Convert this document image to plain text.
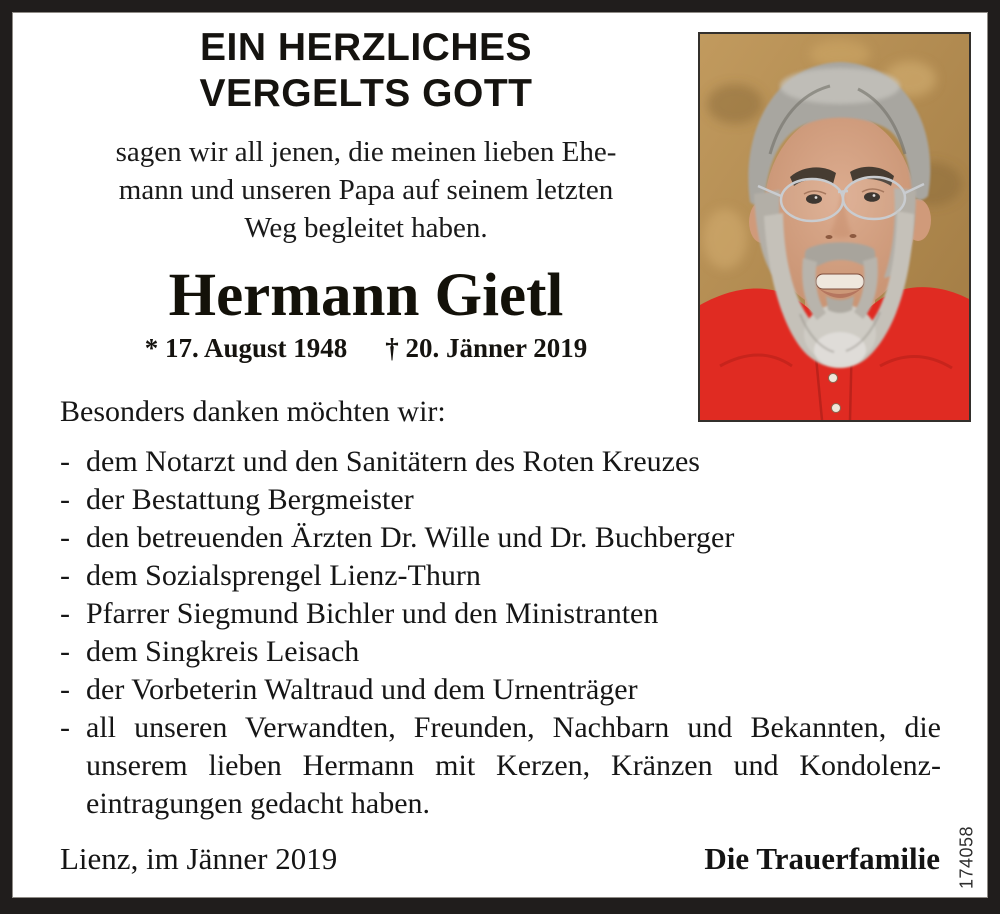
EIN HERZLICHES
VERGELTS GOTT
sagen wir all jenen, die meinen lieben Ehe-
mann und unseren Papa auf seinem letzten
Weg begleitet haben.
Hermann Gietl
* 17. August 1948 † 20. Jänner 2019
Besonders danken möchten wir:
- dem Notarzt und den Sanitätern des Roten Kreuzes
- der Bestattung Bergmeister
- den betreuenden Ärzten Dr. Wille und Dr. Buchberger
- dem Sozialsprengel Lienz-Thurn
- Pfarrer Siegmund Bichler und den Ministranten
- dem Singkreis Leisach
- der Vorbeterin Waltraud und dem Urnenträger
- all unseren Verwandten, Freunden, Nachbarn und Bekannten, die
unserem lieben Hermann mit Kerzen, Kränzen und Kondolenz-
eintragungen gedacht haben.
Lienz, im Jänner 2019	Die Trauerfamilie 174058
